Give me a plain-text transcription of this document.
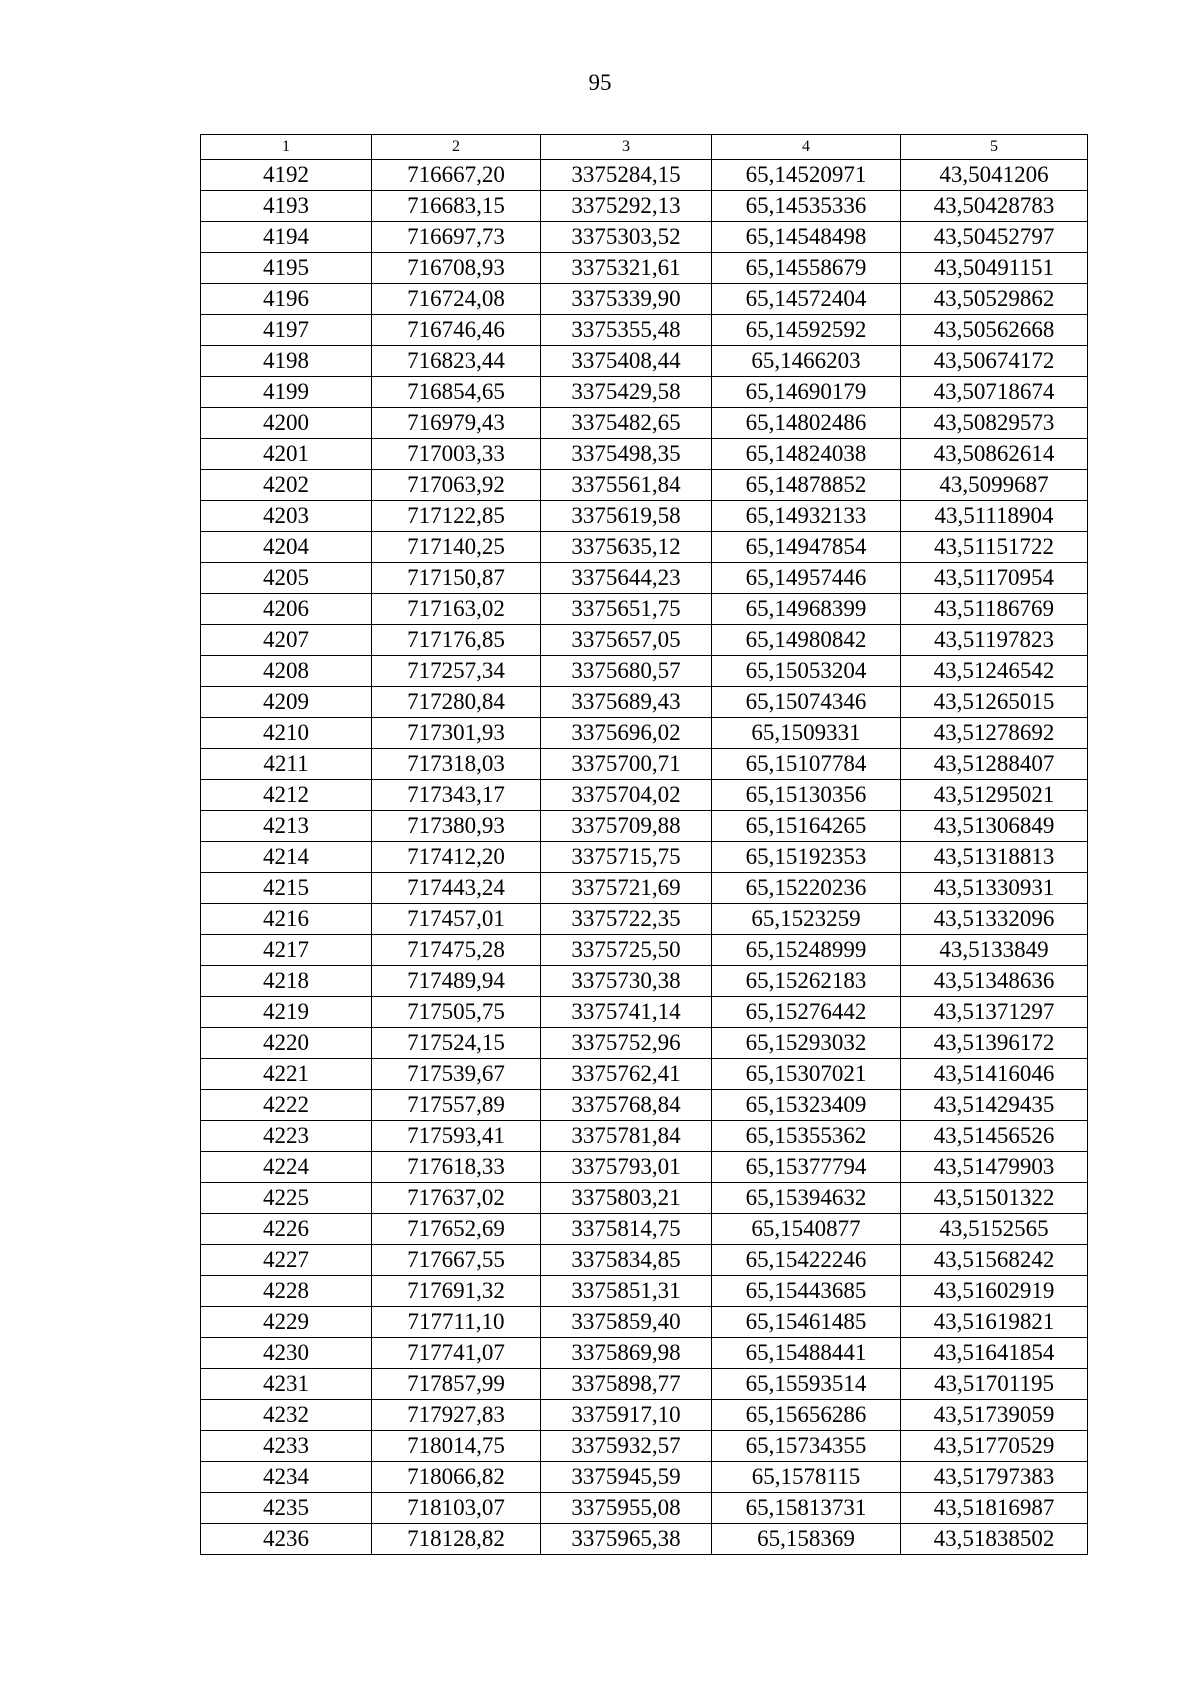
95
1	2	3	4	5
4192	716667,20	3375284,15	65,14520971	43,5041206
4193	716683,15	3375292,13	65,14535336	43,50428783
4194	716697,73	3375303,52	65,14548498	43,50452797
4195	716708,93	3375321,61	65,14558679	43,50491151
4196	716724,08	3375339,90	65,14572404	43,50529862
4197	716746,46	3375355,48	65,14592592	43,50562668
4198	716823,44	3375408,44	65,1466203	43,50674172
4199	716854,65	3375429,58	65,14690179	43,50718674
4200	716979,43	3375482,65	65,14802486	43,50829573
4201	717003,33	3375498,35	65,14824038	43,50862614
4202	717063,92	3375561,84	65,14878852	43,5099687
4203	717122,85	3375619,58	65,14932133	43,51118904
4204	717140,25	3375635,12	65,14947854	43,51151722
4205	717150,87	3375644,23	65,14957446	43,51170954
4206	717163,02	3375651,75	65,14968399	43,51186769
4207	717176,85	3375657,05	65,14980842	43,51197823
4208	717257,34	3375680,57	65,15053204	43,51246542
4209	717280,84	3375689,43	65,15074346	43,51265015
4210	717301,93	3375696,02	65,1509331	43,51278692
4211	717318,03	3375700,71	65,15107784	43,51288407
4212	717343,17	3375704,02	65,15130356	43,51295021
4213	717380,93	3375709,88	65,15164265	43,51306849
4214	717412,20	3375715,75	65,15192353	43,51318813
4215	717443,24	3375721,69	65,15220236	43,51330931
4216	717457,01	3375722,35	65,1523259	43,51332096
4217	717475,28	3375725,50	65,15248999	43,5133849
4218	717489,94	3375730,38	65,15262183	43,51348636
4219	717505,75	3375741,14	65,15276442	43,51371297
4220	717524,15	3375752,96	65,15293032	43,51396172
4221	717539,67	3375762,41	65,15307021	43,51416046
4222	717557,89	3375768,84	65,15323409	43,51429435
4223	717593,41	3375781,84	65,15355362	43,51456526
4224	717618,33	3375793,01	65,15377794	43,51479903
4225	717637,02	3375803,21	65,15394632	43,51501322
4226	717652,69	3375814,75	65,1540877	43,5152565
4227	717667,55	3375834,85	65,15422246	43,51568242
4228	717691,32	3375851,31	65,15443685	43,51602919
4229	717711,10	3375859,40	65,15461485	43,51619821
4230	717741,07	3375869,98	65,15488441	43,51641854
4231	717857,99	3375898,77	65,15593514	43,51701195
4232	717927,83	3375917,10	65,15656286	43,51739059
4233	718014,75	3375932,57	65,15734355	43,51770529
4234	718066,82	3375945,59	65,1578115	43,51797383
4235	718103,07	3375955,08	65,15813731	43,51816987
4236	718128,82	3375965,38	65,158369	43,51838502
